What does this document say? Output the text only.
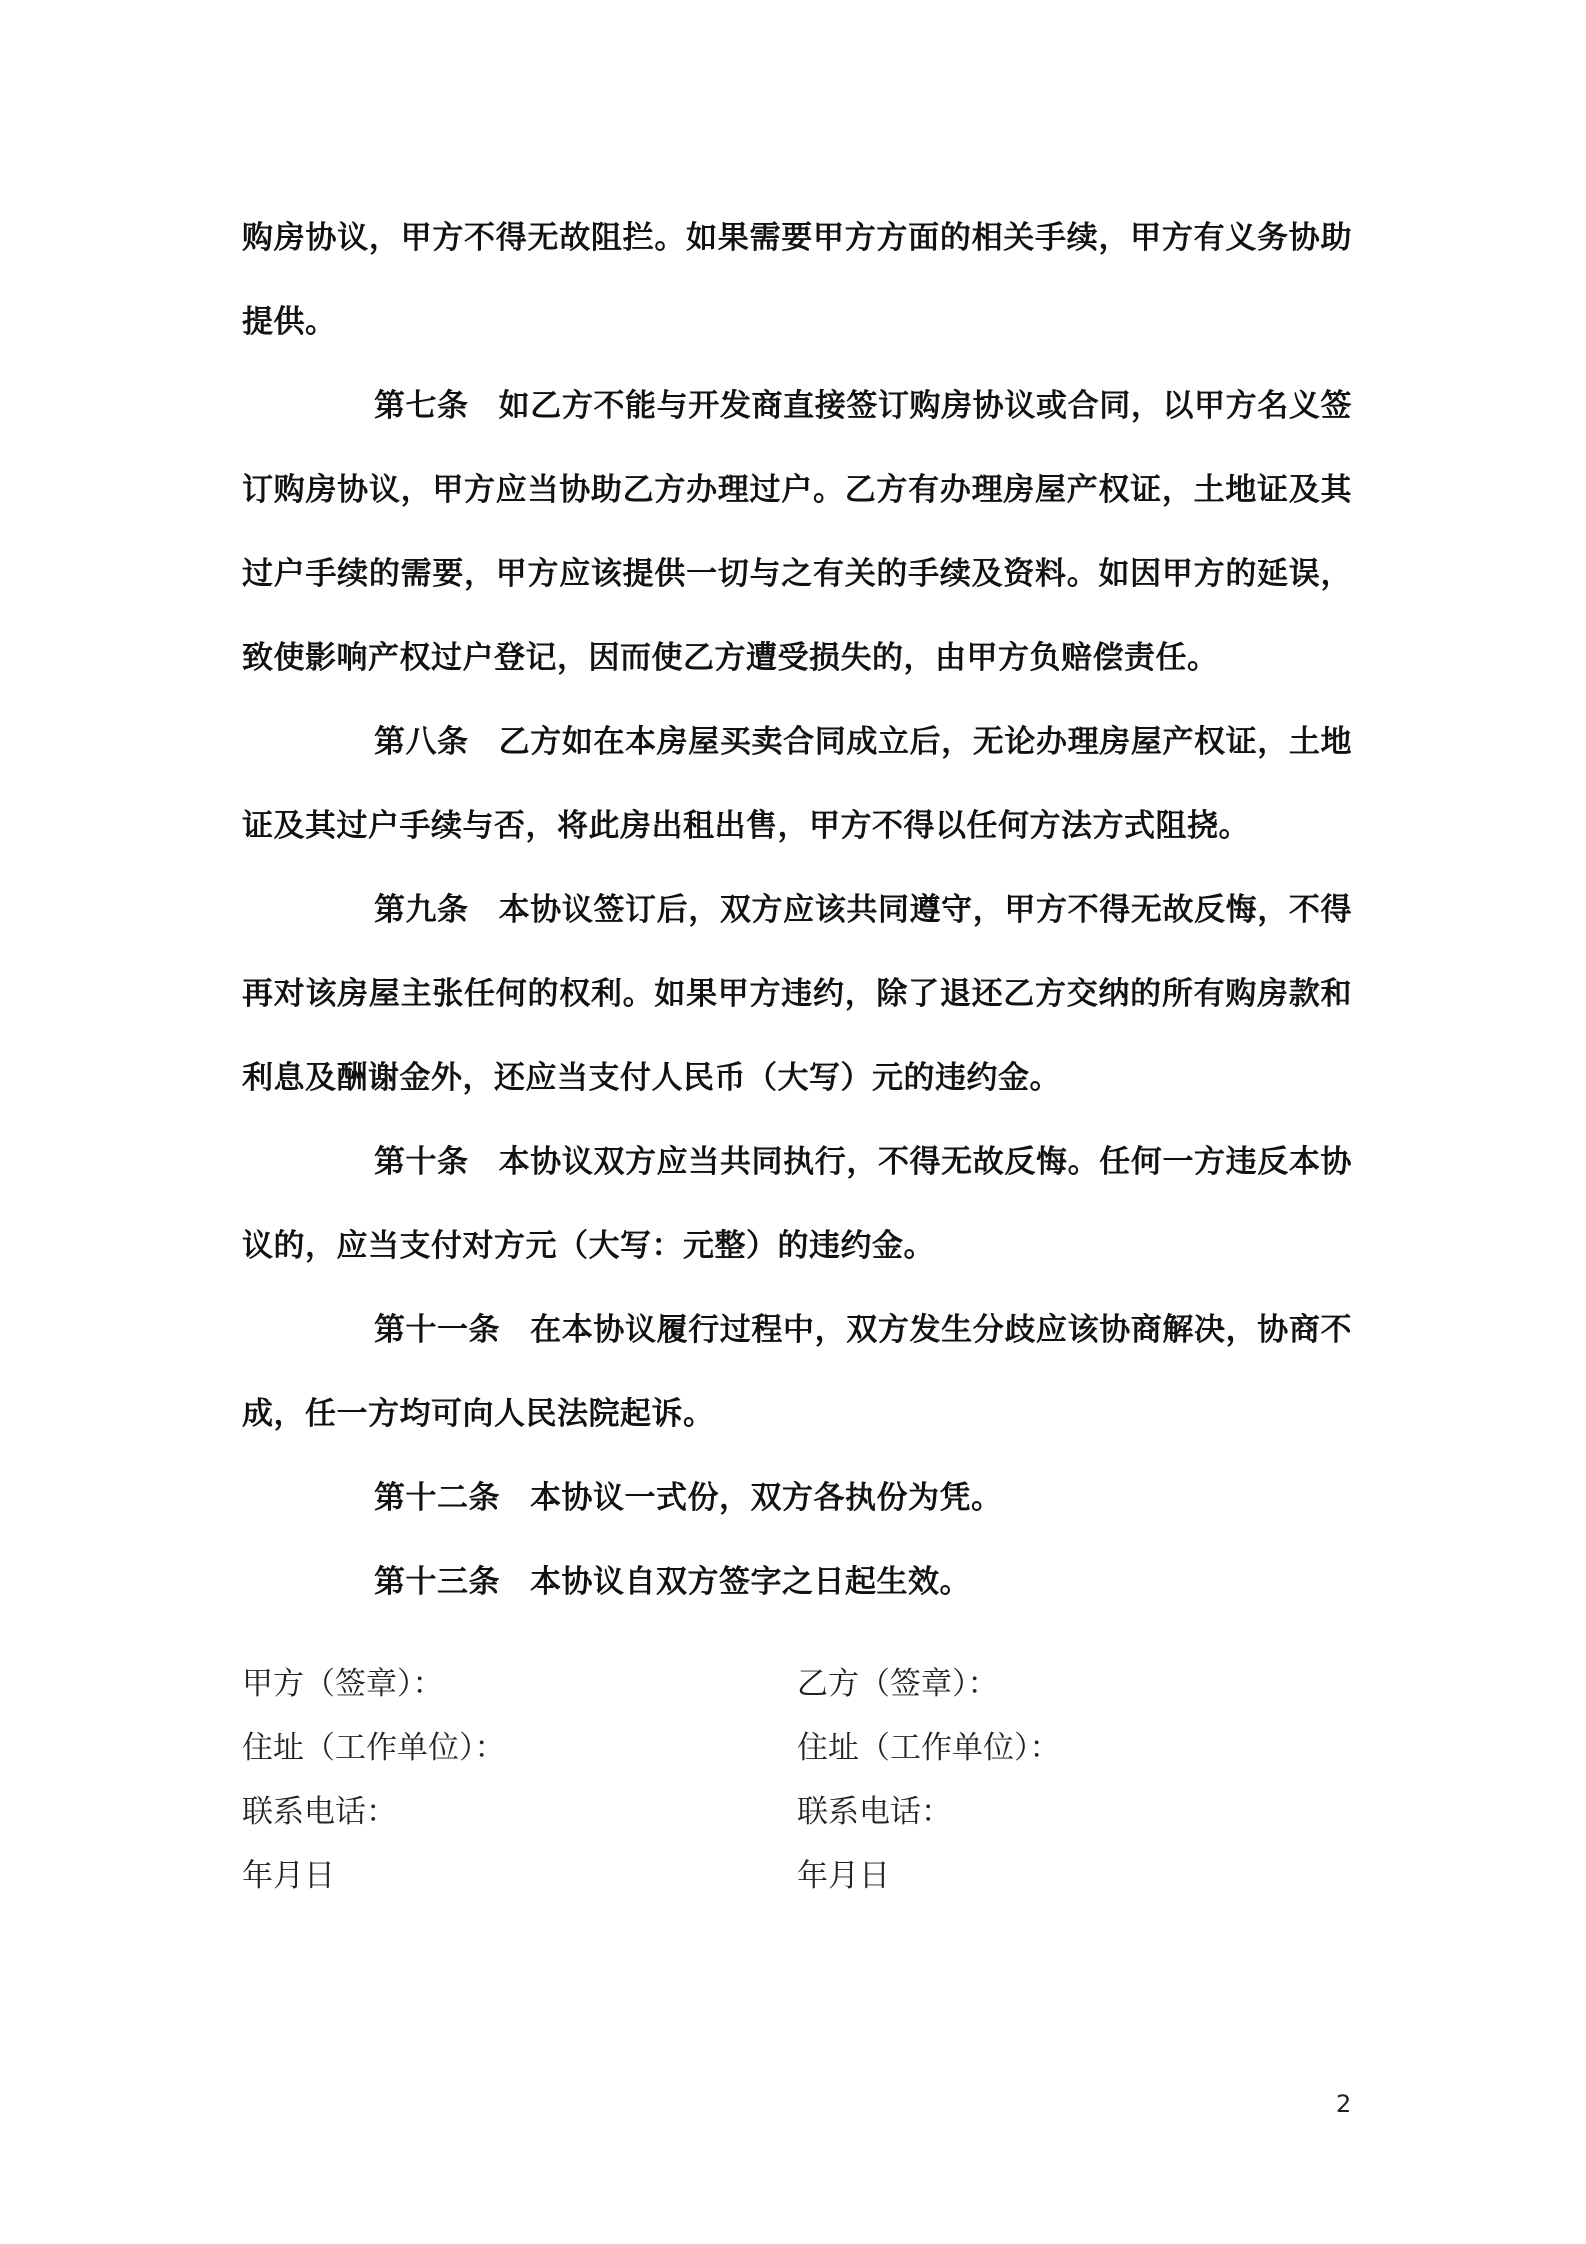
购房协议，甲方不得无故阻拦。如果需要甲方方面的相关手续，甲方有义务协助提供。

第七条 如乙方不能与开发商直接签订购房协议或合同，以甲方名义签订购房协议，甲方应当协助乙方办理过户。乙方有办理房屋产权证，土地证及其过户手续的需要，甲方应该提供一切与之有关的手续及资料。如因甲方的延误，致使影响产权过户登记，因而使乙方遭受损失的，由甲方负赔偿责任。

第八条 乙方如在本房屋买卖合同成立后，无论办理房屋产权证，土地证及其过户手续与否，将此房出租出售，甲方不得以任何方法方式阻挠。

第九条 本协议签订后，双方应该共同遵守，甲方不得无故反悔，不得再对该房屋主张任何的权利。如果甲方违约，除了退还乙方交纳的所有购房款和利息及酬谢金外，还应当支付人民币（大写）元的违约金。

第十条 本协议双方应当共同执行，不得无故反悔。任何一方违反本协议的，应当支付对方元（大写：元整）的违约金。

第十一条 在本协议履行过程中，双方发生分歧应该协商解决，协商不成，任一方均可向人民法院起诉。

第十二条 本协议一式份，双方各执份为凭。

第十三条 本协议自双方签字之日起生效。

甲方（签章）：	乙方（签章）：
住址（工作单位）：	住址（工作单位）：
联系电话：	联系电话：
年月日	年月日
2
